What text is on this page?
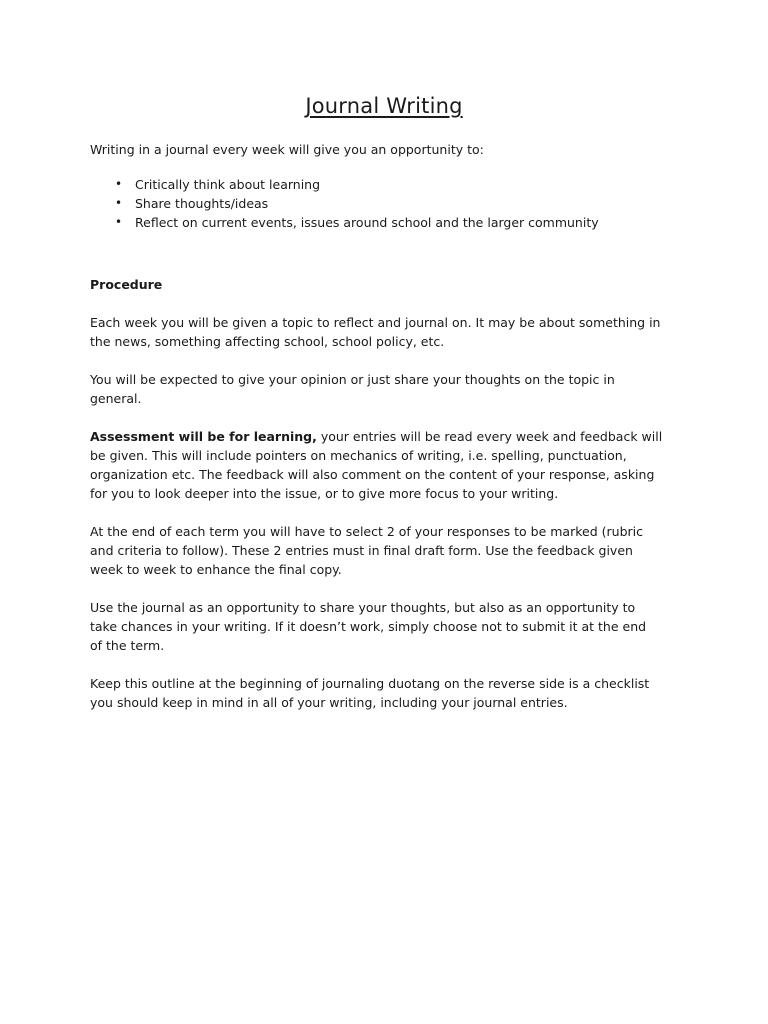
Journal Writing

Writing in a journal every week will give you an opportunity to:

• Critically think about learning
• Share thoughts/ideas
• Reflect on current events, issues around school and the larger community

Procedure

Each week you will be given a topic to reflect and journal on. It may be about something in
the news, something affecting school, school policy, etc.

You will be expected to give your opinion or just share your thoughts on the topic in
general.

Assessment will be for learning, your entries will be read every week and feedback will
be given. This will include pointers on mechanics of writing, i.e. spelling, punctuation,
organization etc. The feedback will also comment on the content of your response, asking
for you to look deeper into the issue, or to give more focus to your writing.

At the end of each term you will have to select 2 of your responses to be marked (rubric
and criteria to follow). These 2 entries must in final draft form. Use the feedback given
week to week to enhance the final copy.

Use the journal as an opportunity to share your thoughts, but also as an opportunity to
take chances in your writing. If it doesn’t work, simply choose not to submit it at the end
of the term.

Keep this outline at the beginning of journaling duotang on the reverse side is a checklist
you should keep in mind in all of your writing, including your journal entries.
